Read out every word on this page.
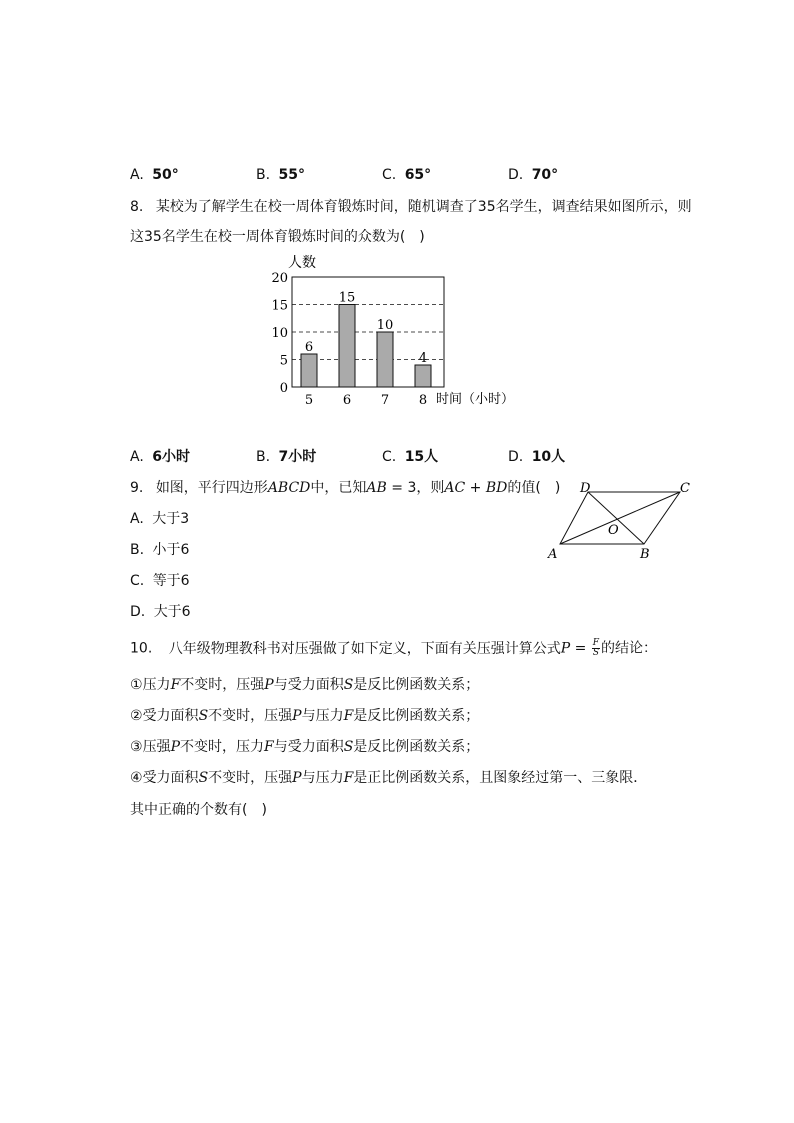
A. 50°	B. 55°	C. 65°	D. 70°
8. 某校为了解学生在校一周体育锻炼时间，随机调查了35名学生，调查结果如图所示，则
这35名学生在校一周体育锻炼时间的众数为(　)
人数
0
5
10
15
20
6
15
10
4
5 6 7 8 时间（小时）
A. 6小时	B. 7小时	C. 15人	D. 10人
9. 如图，平行四边形ABCD中，已知AB = 3，则AC + BD的值(　)
A. 大于3
B. 小于6
C. 等于6
D. 大于6
D	C
A	B
O
10. 八年级物理教科书对压强做了如下定义，下面有关压强计算公式$P = \frac{F}{S}$ 的结论：
①压力F不变时，压强P与受力面积S是反比例函数关系；
②受力面积S不变时，压强P与压力F是反比例函数关系；
③压强P不变时，压力F与受力面积S是反比例函数关系；
④受力面积S不变时，压强P与压力F是正比例函数关系，且图象经过第一、三象限．
其中正确的个数有(　)
